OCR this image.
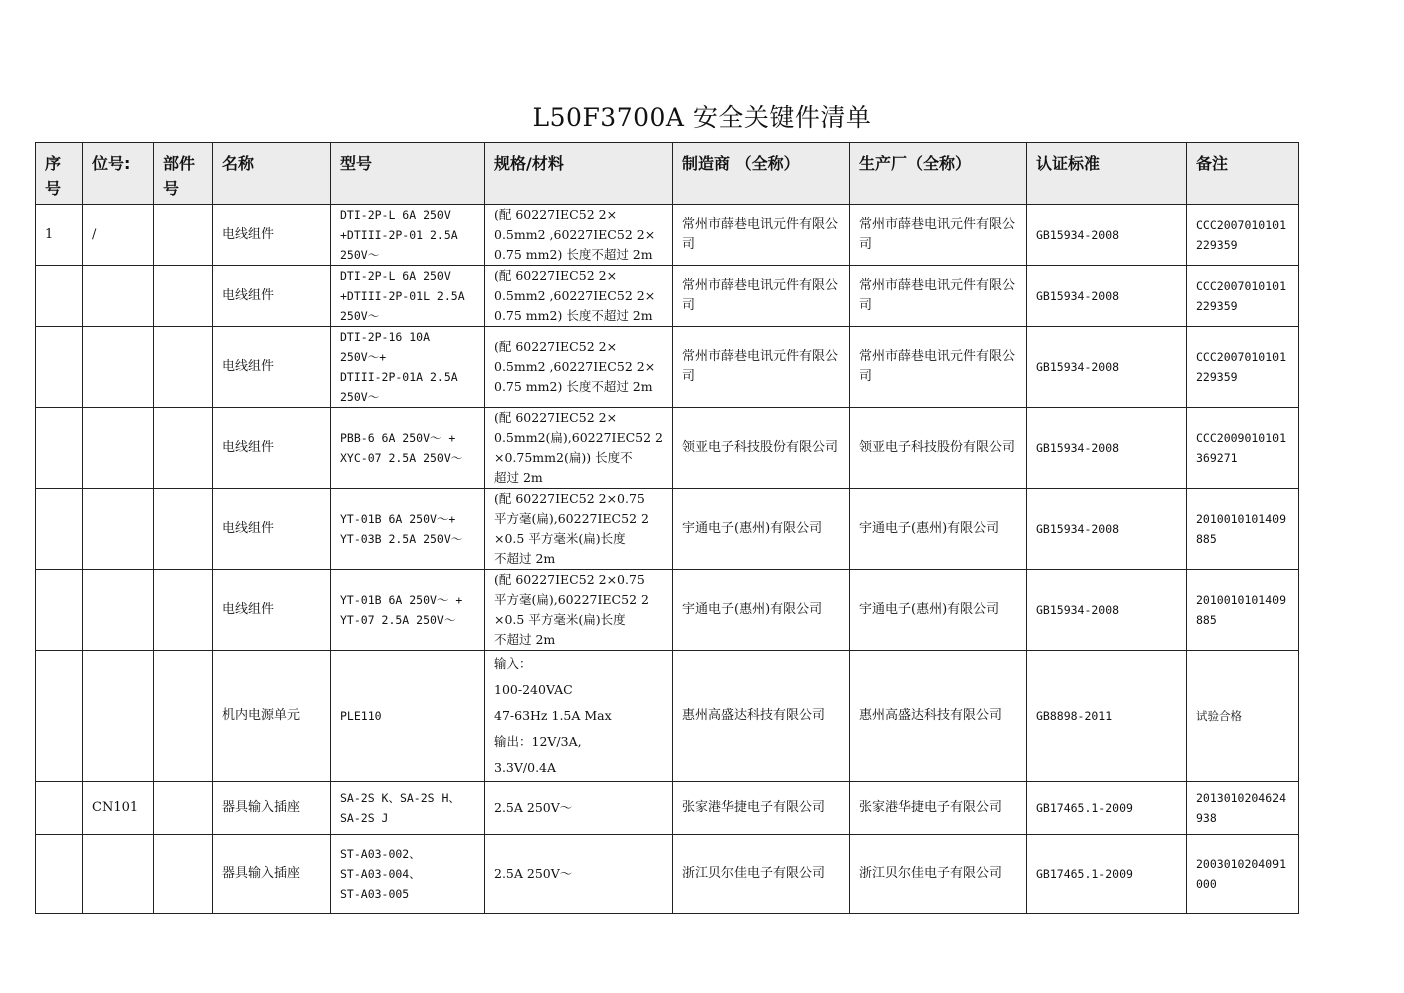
L50F3700A 安全关键件清单
序号	位号:	部件号	名称	型号	规格/材料	制造商 （全称）	生产厂（全称）	认证标准	备注	
1	/		电线组件	DTI-2P-L 6A 250V
+DTIII-2P-01 2.5A
250V～	(配 60227IEC52 2×
0.5mm2 ,60227IEC52 2×
0.75 mm2) 长度不超过 2m	常州市薛巷电讯元件有限公司	常州市薛巷电讯元件有限公司	GB15934-2008	CCC2007010101229359	
			电线组件	DTI-2P-L 6A 250V
+DTIII-2P-01L 2.5A
250V～	(配 60227IEC52 2×
0.5mm2 ,60227IEC52 2×
0.75 mm2) 长度不超过 2m	常州市薛巷电讯元件有限公司	常州市薛巷电讯元件有限公司	GB15934-2008	CCC2007010101229359	
			电线组件	DTI-2P-16 10A
250V～+
DTIII-2P-01A 2.5A
250V～	(配 60227IEC52 2×
0.5mm2 ,60227IEC52 2×
0.75 mm2) 长度不超过 2m	常州市薛巷电讯元件有限公司	常州市薛巷电讯元件有限公司	GB15934-2008	CCC2007010101229359	
			电线组件	PBB-6 6A 250V～ +
XYC-07 2.5A 250V～	(配 60227IEC52 2×
0.5mm2(扁),60227IEC52 2
×0.75mm2(扁)) 长度不
超过 2m	领亚电子科技股份有限公司	领亚电子科技股份有限公司	GB15934-2008	CCC2009010101369271	
			电线组件	YT-01B 6A 250V～+
YT-03B 2.5A 250V～	(配 60227IEC52 2×0.75
平方毫(扁),60227IEC52 2
×0.5 平方毫米(扁)长度
不超过 2m	宇通电子(惠州)有限公司	宇通电子(惠州)有限公司	GB15934-2008	2010010101409885	
			电线组件	YT-01B 6A 250V～ +
YT-07 2.5A 250V～	(配 60227IEC52 2×0.75
平方毫(扁),60227IEC52 2
×0.5 平方毫米(扁)长度
不超过 2m	宇通电子(惠州)有限公司	宇通电子(惠州)有限公司	GB15934-2008	2010010101409885	
			机内电源单元	PLE110	输入：
100-240VAC
47-63Hz 1.5A Max
输出：12V/3A,
3.3V/0.4A	惠州高盛达科技有限公司	惠州高盛达科技有限公司	GB8898-2011	试验合格	
	CN101		器具输入插座	SA-2S K、SA-2S H、
SA-2S J	2.5A 250V～	张家港华捷电子有限公司	张家港华捷电子有限公司	GB17465.1-2009	2013010204624938	
			器具输入插座	ST-A03-002、
ST-A03-004、
ST-A03-005	2.5A 250V～	浙江贝尔佳电子有限公司	浙江贝尔佳电子有限公司	GB17465.1-2009	2003010204091000	
